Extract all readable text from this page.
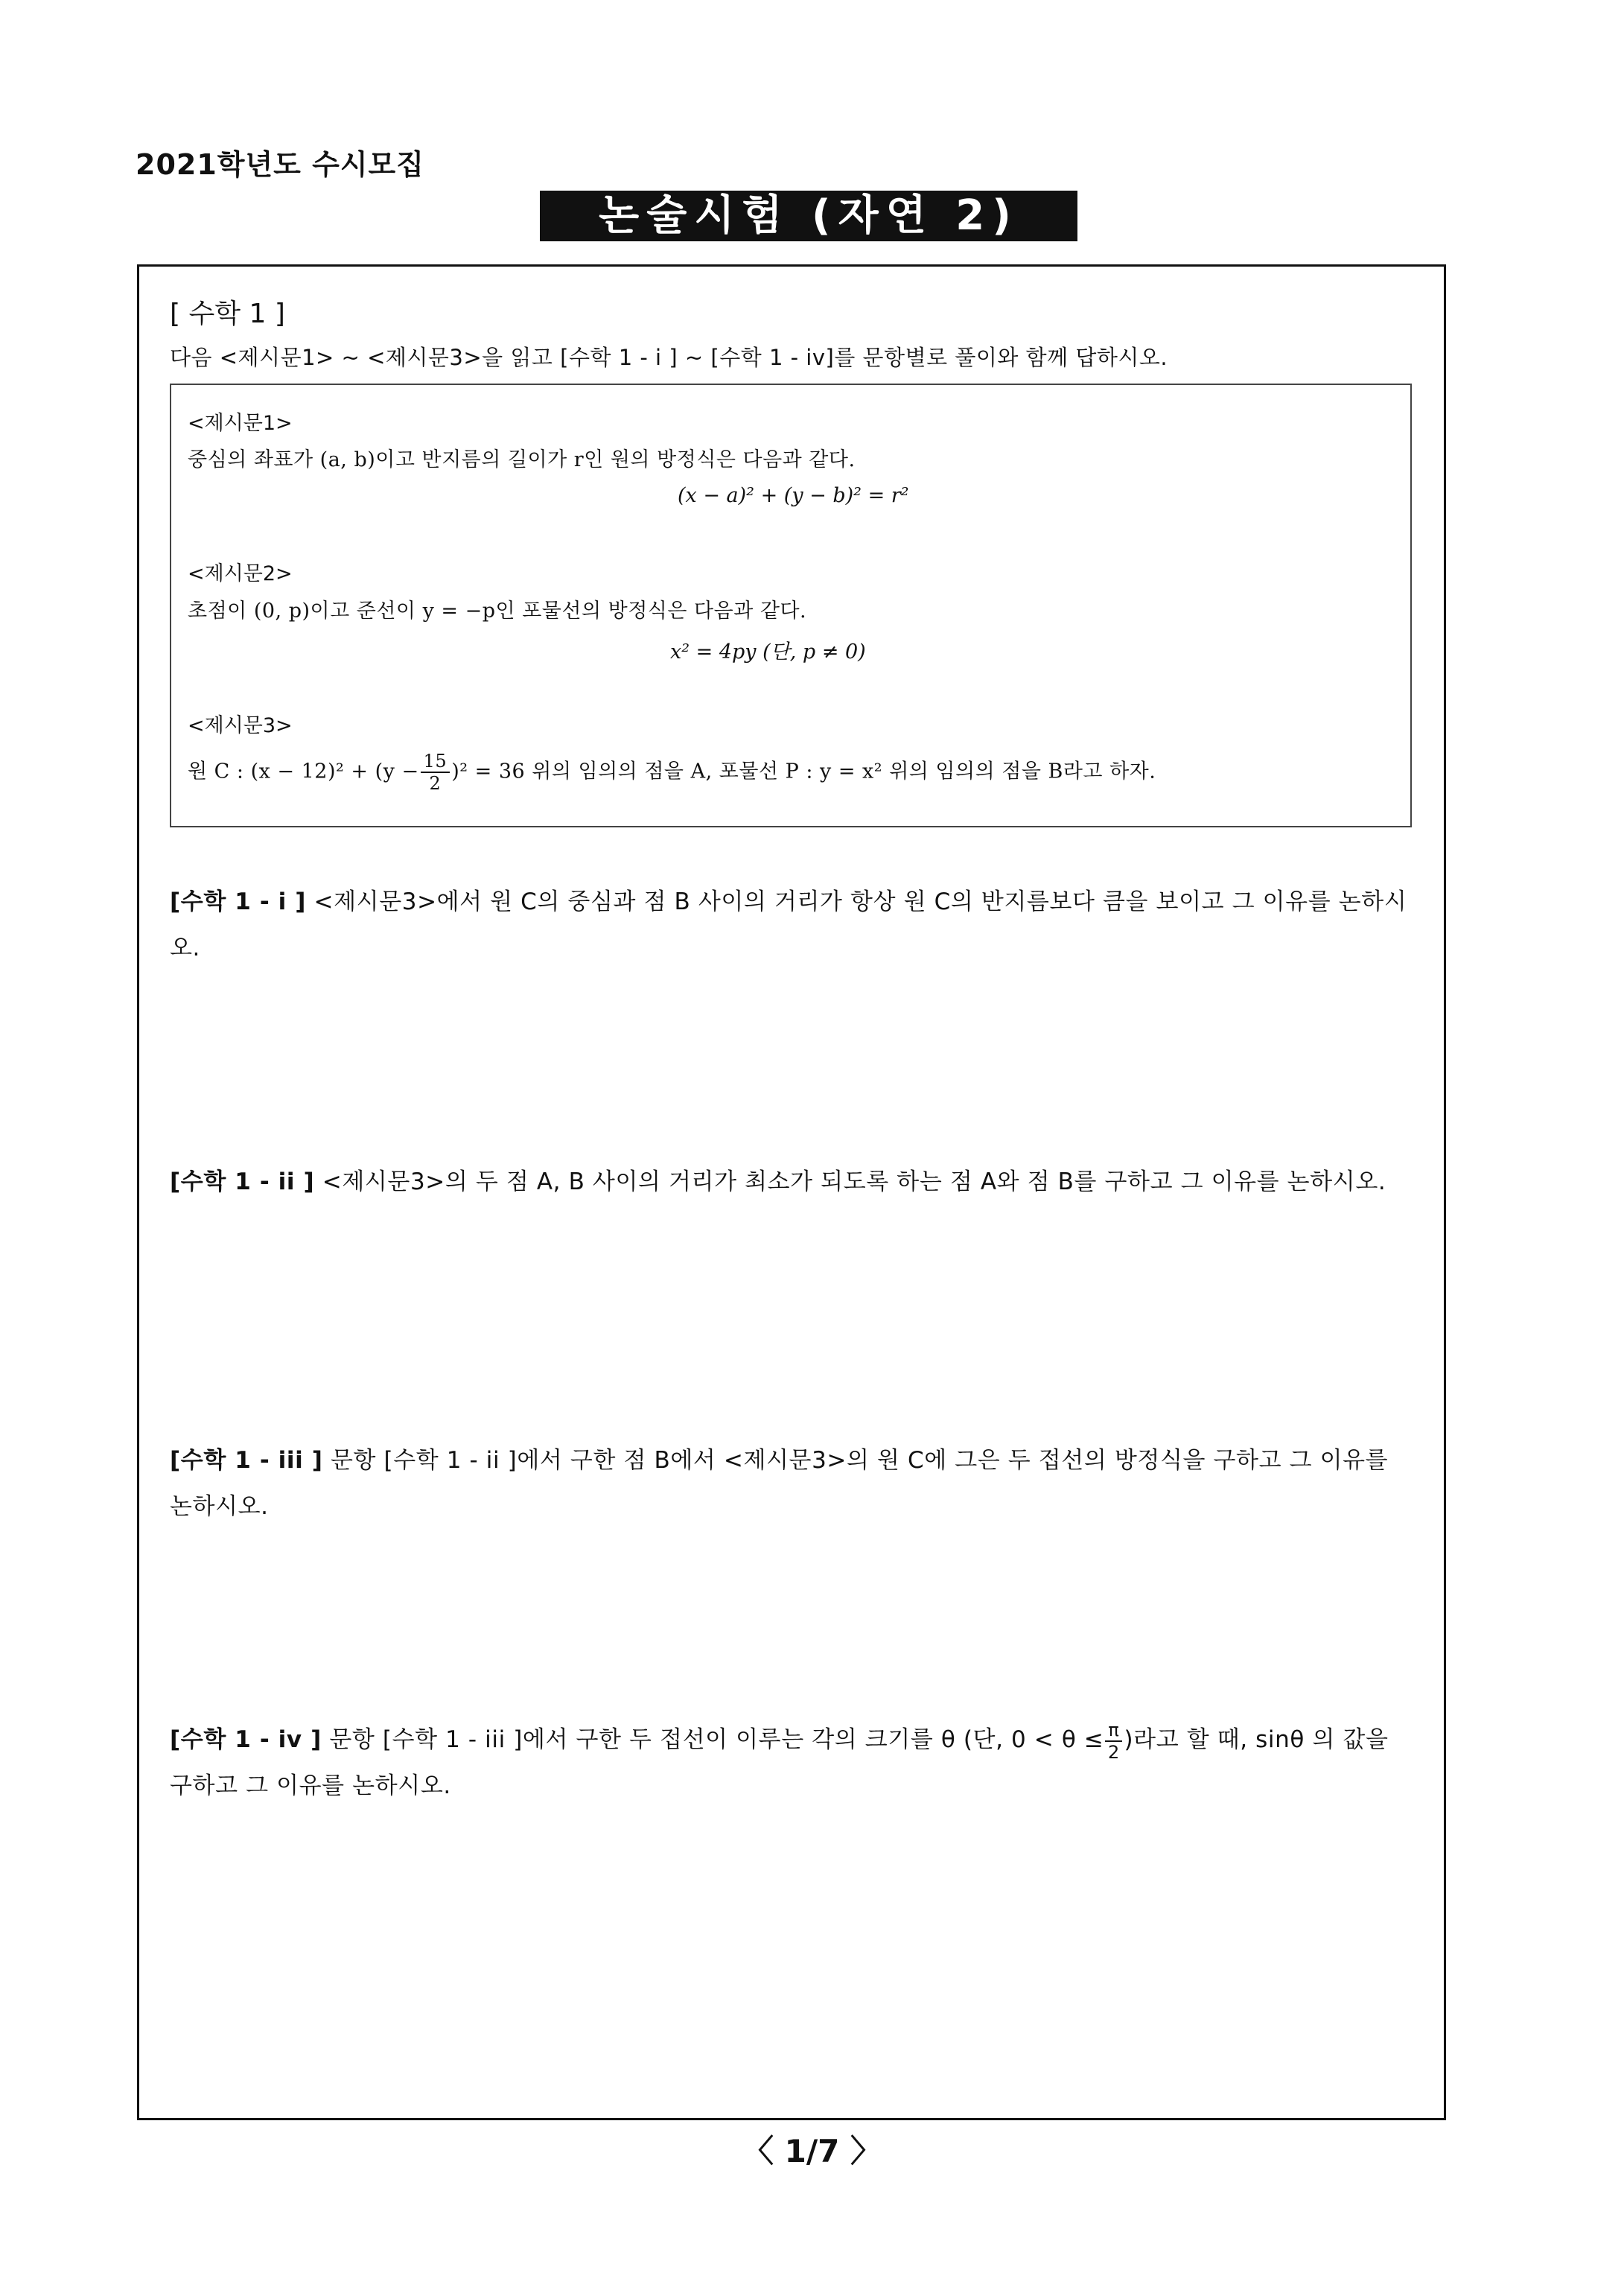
2021학년도 수시모집
논술시험 (자연 2)
[ 수학 1 ]
다음 <제시문1> ~ <제시문3>을 읽고 [수학 1 - i ] ~ [수학 1 - iv]를 문항별로 풀이와 함께 답하시오.
<제시문1>
중심의 좌표가 (a, b)이고 반지름의 길이가 r인 원의 방정식은 다음과 같다.
(x − a)² + (y − b)² = r²
<제시문2>
초점이 (0, p)이고 준선이 y = −p인 포물선의 방정식은 다음과 같다.
x² = 4py (단, p ≠ 0)
<제시문3>
원 C : $(x - 12)^2 + (y - \frac{15}{2} )^2 = 36$ 위의 임의의 점을 A, 포물선 P : y = x² 위의 임의의 점을 B라고 하자.
[수학 1 - i ] <제시문3>에서 원 C의 중심과 점 B 사이의 거리가 항상 원 C의 반지름보다 큼을 보이고 그 이유를 논하시오.
[수학 1 - ii ] <제시문3>의 두 점 A, B 사이의 거리가 최소가 되도록 하는 점 A와 점 B를 구하고 그 이유를 논하시오.
[수학 1 - iii ] 문항 [수학 1 - ii ]에서 구한 점 B에서 <제시문3>의 원 C에 그은 두 접선의 방정식을 구하고 그 이유를 논하시오.
[수학 1 - iv ] 문항 [수학 1 - iii ]에서 구한 두 접선이 이루는 각의 크기를 θ (단, $0 < \theta \le \frac{\pi}{2}$ )라고 할 때, sinθ 의 값을 구하고 그 이유를 논하시오.
〈 1/7 〉
